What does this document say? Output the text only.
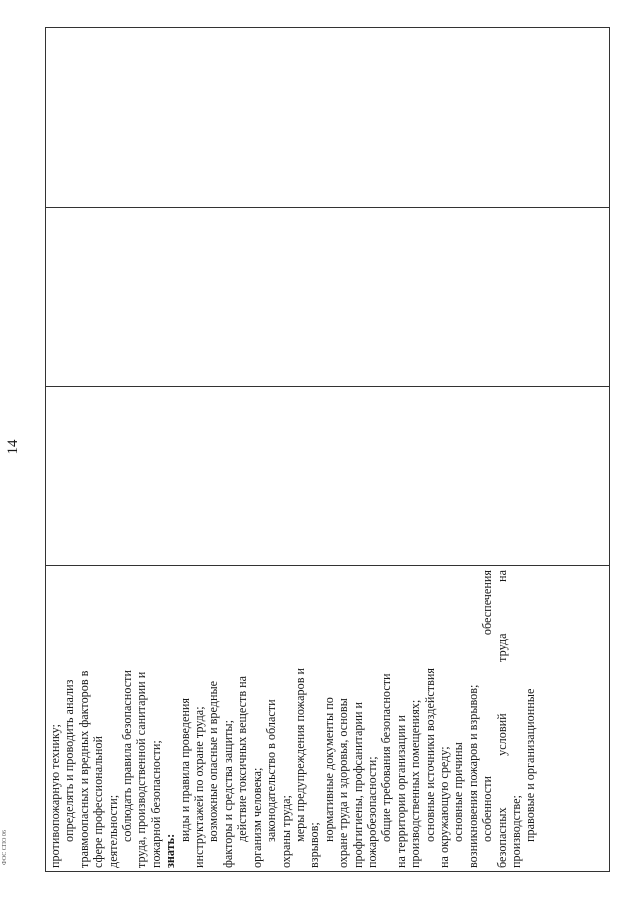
14
противопожарную технику; определять и проводить анализ травмоопасных и вредных факторов в сфере профессиональной деятельности; соблюдать правила безопасности труда, производственной санитарии и пожарной безопасности; знать:
виды и правила проведения инструктажей по охране труда; возможные опасные и вредные факторы и средства защиты; действие токсичных веществ на организм человека; законодательство в области охраны труда; меры предупреждения пожаров и
взрывов;
нормативные документы по охране труда и здоровья, основы профгигиены, профсанитарии и пожаробезопасности; общие требования безопасности на территории организации и производственных помещениях; основные источники воздействия на окружающую среду; основные причины возникновения пожаров и взрывов; особенности
обеспечения
безопасных
условий
труда
на
производстве; правовые и организационные

ФОС СПО 06
